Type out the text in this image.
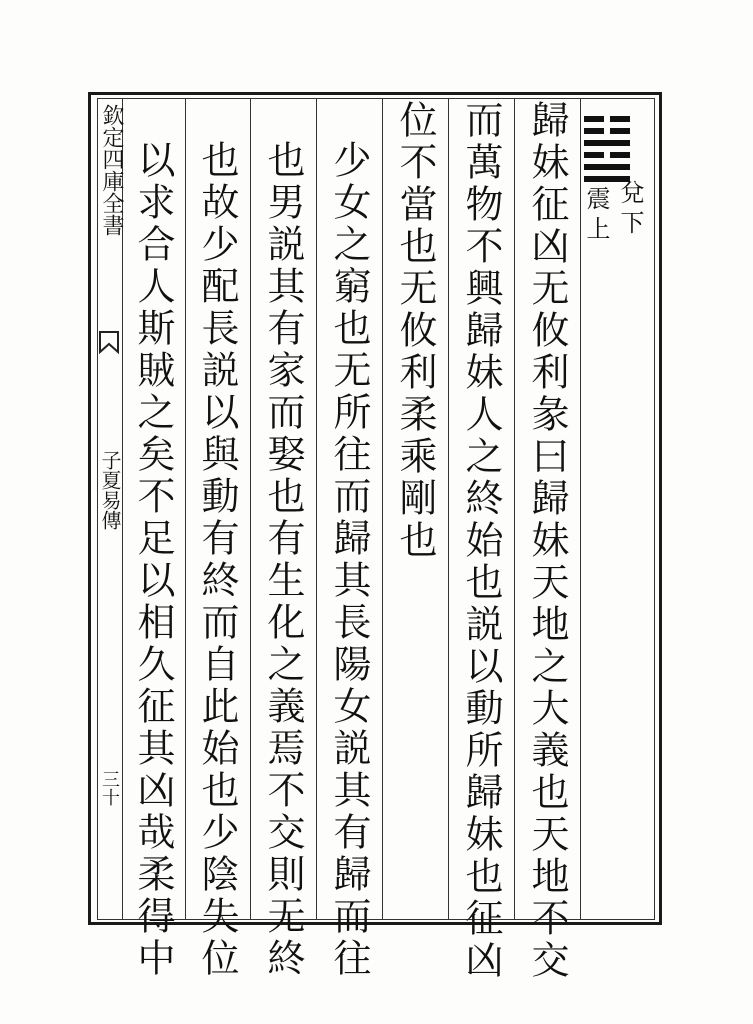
欽定四庫全書
子夏易傳
三十
兌下
震上
歸妹征凶无攸利彖曰歸妹天地之大義也天地不交
而萬物不興歸妹人之終始也説以動所歸妹也征凶
位不當也无攸利柔乘剛也
少女之窮也无所往而歸其長陽女説其有歸而往
也男説其有家而娶也有生化之義焉不交則无終
也故少配長説以與動有終而自此始也少陰失位
以求合人斯賊之矣不足以相久征其凶哉柔得中
